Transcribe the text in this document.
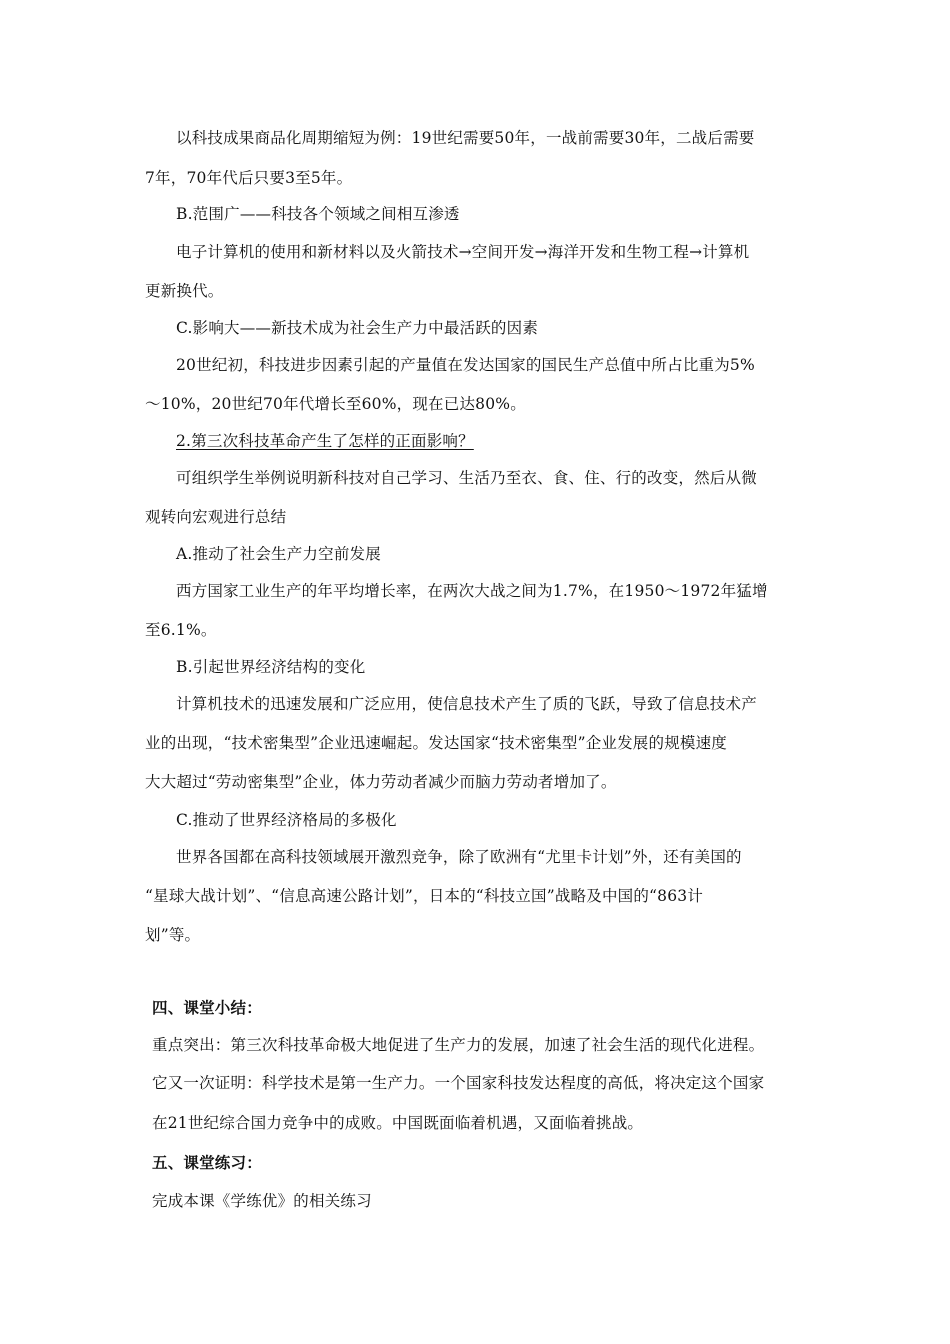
以科技成果商品化周期缩短为例：19世纪需要50年，一战前需要30年，二战后需要
7年，70年代后只要3至5年。
B.范围广——科技各个领域之间相互渗透
电子计算机的使用和新材料以及火箭技术→空间开发→海洋开发和生物工程→计算机
更新换代。
C.影响大——新技术成为社会生产力中最活跃的因素
20世纪初，科技进步因素引起的产量值在发达国家的国民生产总值中所占比重为5%
～10%，20世纪70年代增长至60%，现在已达80%。
2.第三次科技革命产生了怎样的正面影响？
可组织学生举例说明新科技对自己学习、生活乃至衣、食、住、行的改变，然后从微
观转向宏观进行总结
A.推动了社会生产力空前发展
西方国家工业生产的年平均增长率，在两次大战之间为1.7%，在1950～1972年猛增
至6.1%。
B.引起世界经济结构的变化
计算机技术的迅速发展和广泛应用，使信息技术产生了质的飞跃，导致了信息技术产
业的出现，“技术密集型”企业迅速崛起。发达国家“技术密集型”企业发展的规模速度
大大超过“劳动密集型”企业，体力劳动者减少而脑力劳动者增加了。
C.推动了世界经济格局的多极化
世界各国都在高科技领域展开激烈竞争，除了欧洲有“尤里卡计划”外，还有美国的
“星球大战计划”、“信息高速公路计划”，日本的“科技立国”战略及中国的“863计
划”等。
四、课堂小结：
重点突出：第三次科技革命极大地促进了生产力的发展，加速了社会生活的现代化进程。
它又一次证明：科学技术是第一生产力。一个国家科技发达程度的高低，将决定这个国家
在21世纪综合国力竞争中的成败。中国既面临着机遇，又面临着挑战。
五、课堂练习：
完成本课《学练优》的相关练习
